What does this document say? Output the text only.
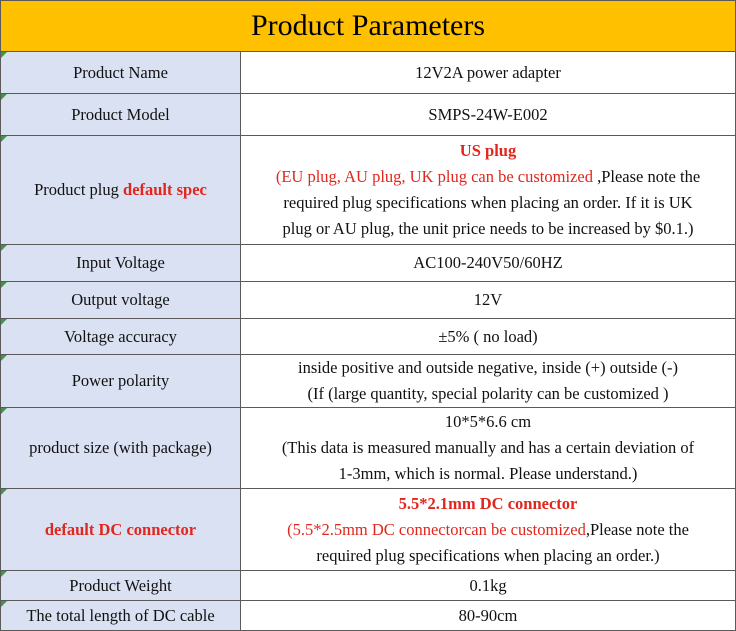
Product Parameters
Product Name	12V2A power adapter
Product Model	SMPS-24W-E002
Product plug default spec	US plug
(EU plug, AU plug, UK plug can be customized ,Please note the
required plug specifications when placing an order. If it is UK
plug or AU plug, the unit price needs to be increased by $0.1.)

Input Voltage	AC100-240V50/60HZ
Output voltage	12V
Voltage accuracy	±5% ( no load)
Power polarity	inside positive and outside negative, inside (+) outside (-)
(If (large quantity, special polarity can be customized )

product size (with package)	10*5*6.6 cm
(This data is measured manually and has a certain deviation of
1-3mm, which is normal. Please understand.)

default DC connector	5.5*2.1mm DC connector
(5.5*2.5mm DC connectorcan be customized,Please note the
required plug specifications when placing an order.)

Product Weight	0.1kg
The total length of DC cable	80-90cm
